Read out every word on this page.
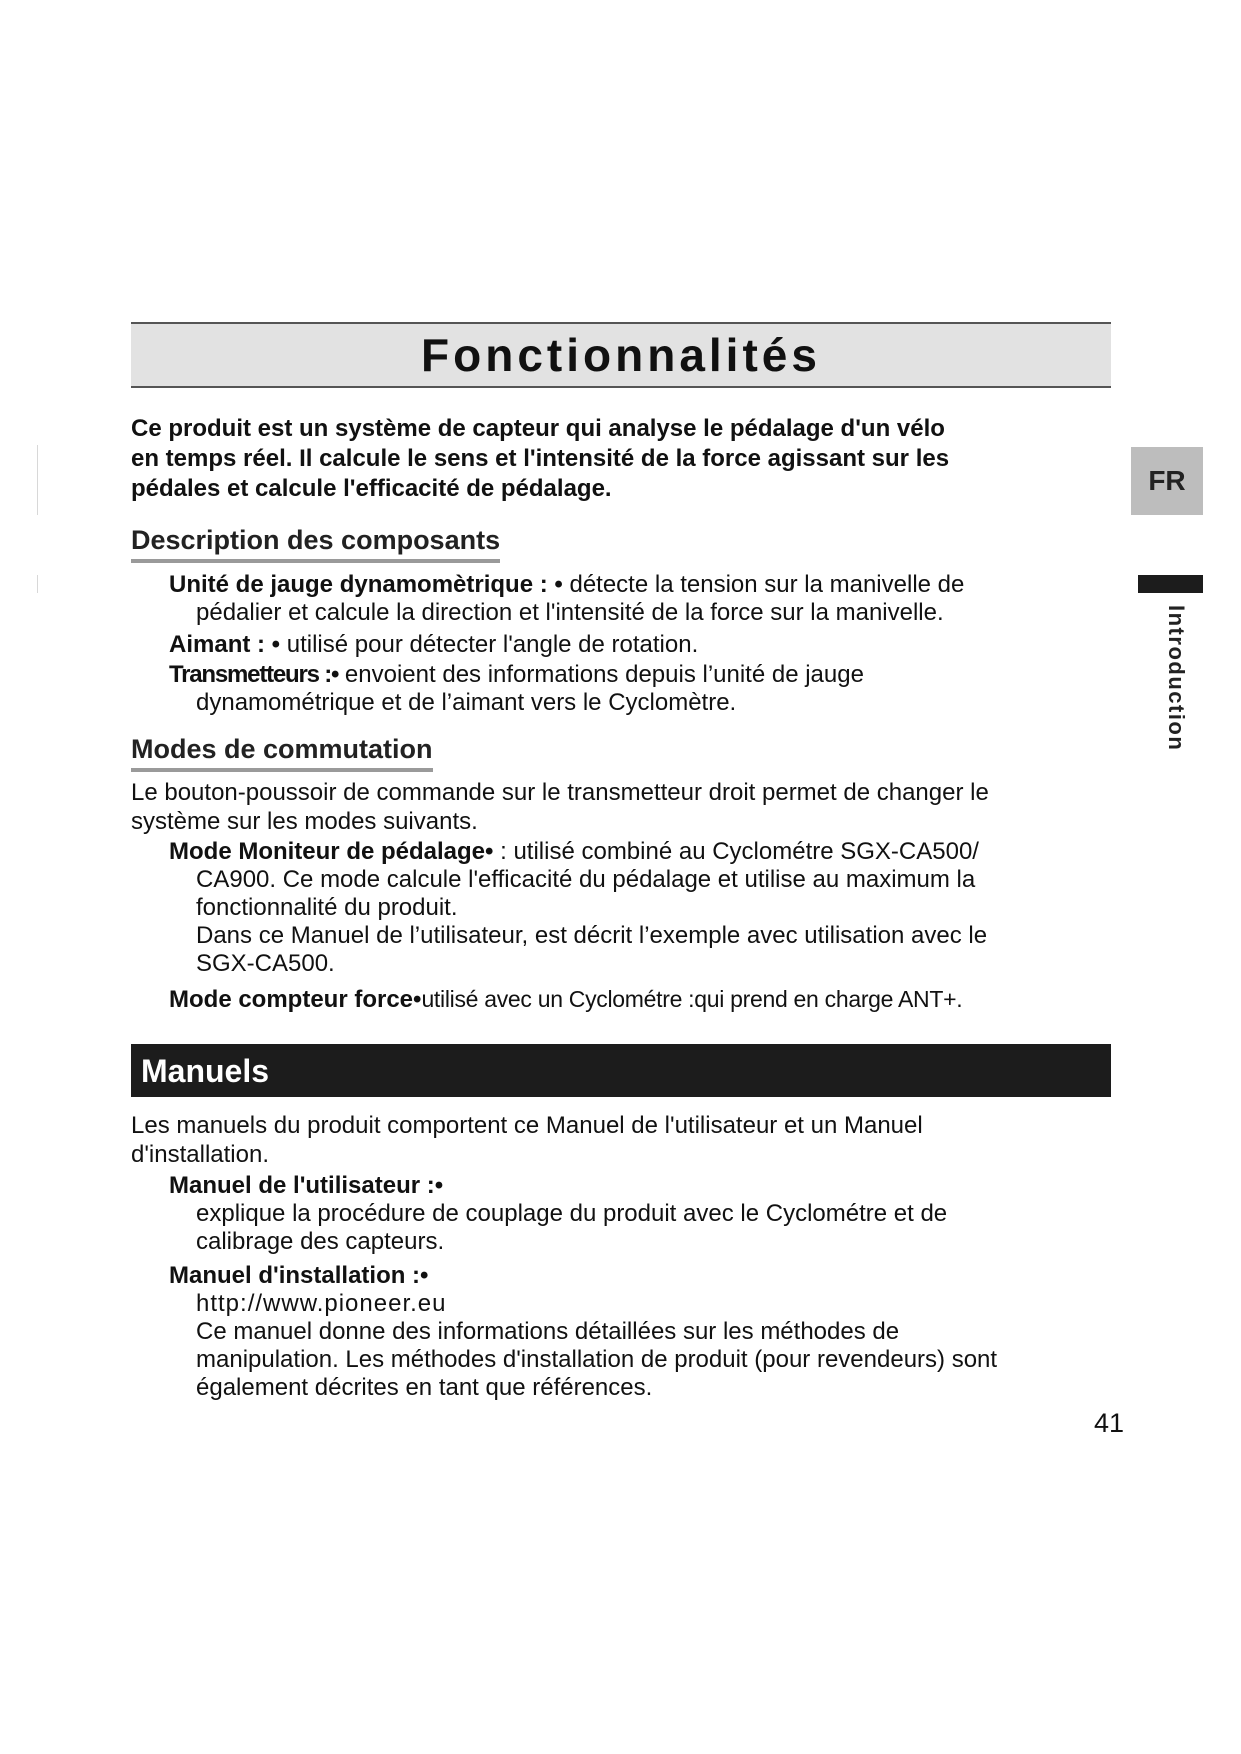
Fonctionnalités
Ce produit est un système de capteur qui analyse le pédalage d'un vélo
en temps réel. Il calcule le sens et l'intensité de la force agissant sur les
pédales et calcule l'efficacité de pédalage.
Description des composants
Unité de jauge dynamomètrique : • détecte la tension sur la manivelle de
pédalier et calcule la direction et l'intensité de la force sur la manivelle.
Aimant : • utilisé pour détecter l'angle de rotation.
Transmetteurs :• envoient des informations depuis l’unité de jauge
dynamométrique et de l’aimant vers le Cyclomètre.
Modes de commutation
Le bouton-poussoir de commande sur le transmetteur droit permet de changer le
système sur les modes suivants.
Mode Moniteur de pédalage• : utilisé combiné au Cyclométre SGX-CA500/
CA900. Ce mode calcule l'efficacité du pédalage et utilise au maximum la
fonctionnalité du produit.
Dans ce Manuel de l’utilisateur, est décrit l’exemple avec utilisation avec le
SGX-CA500.
Mode compteur force•utilisé avec un Cyclométre :qui prend en charge ANT+.
Manuels
Les manuels du produit comportent ce Manuel de l'utilisateur et un Manuel
d'installation.
Manuel de l'utilisateur :•
explique la procédure de couplage du produit avec le Cyclométre et de
calibrage des capteurs.
Manuel d'installation :•
http://www.pioneer.eu
Ce manuel donne des informations détaillées sur les méthodes de
manipulation. Les méthodes d'installation de produit (pour revendeurs) sont
également décrites en tant que références.
FR
Introduction
41
